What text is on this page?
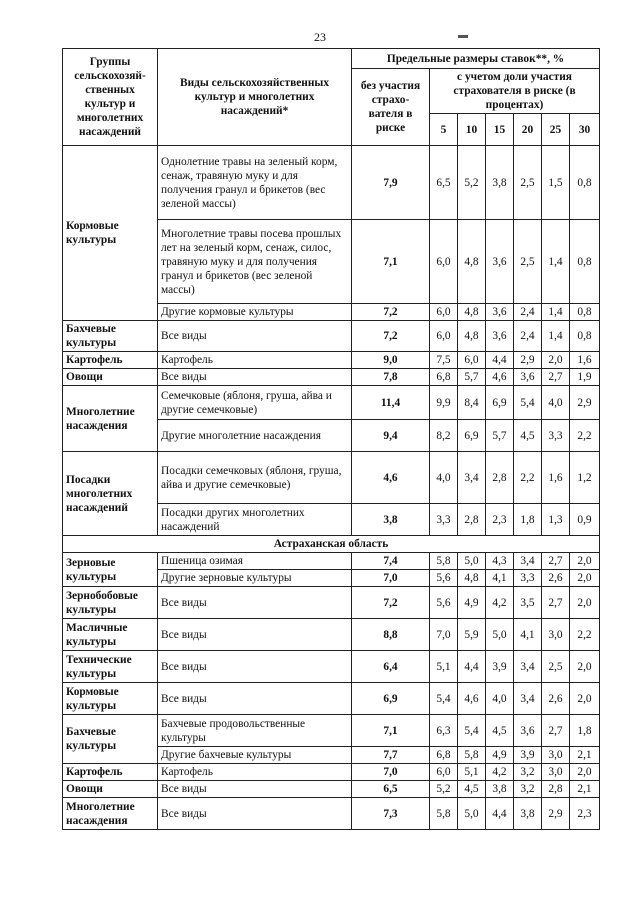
23	▬
Группы сельскохозяй-ственных культур и многолетних насаждений	Виды сельскохозяйственных культур и многолетних насаждений*	Предельные размеры ставок**, %						
		без участия страхо-вателя в риске	с учетом доли участия страхователя в риске (в процентах)					
			5	10	15	20	25	30
Кормовые культуры	Однолетние травы на зеленый корм, сенаж, травяную муку и для получения гранул и брикетов (вес зеленой массы)	7,9	6,5	5,2	3,8	2,5	1,5	0,8
	Многолетние травы посева прошлых лет на зеленый корм, сенаж, силос, травяную муку и для получения гранул и брикетов (вес зеленой массы)	7,1	6,0	4,8	3,6	2,5	1,4	0,8
	Другие кормовые культуры	7,2	6,0	4,8	3,6	2,4	1,4	0,8
Бахчевые культуры	Все виды	7,2	6,0	4,8	3,6	2,4	1,4	0,8
Картофель	Картофель	9,0	7,5	6,0	4,4	2,9	2,0	1,6
Овощи	Все виды	7,8	6,8	5,7	4,6	3,6	2,7	1,9
Многолетние насаждения	Семечковые (яблоня, груша, айва и другие семечковые)	11,4	9,9	8,4	6,9	5,4	4,0	2,9
	Другие многолетние насаждения	9,4	8,2	6,9	5,7	4,5	3,3	2,2
Посадки многолетних насаждений	Посадки семечковых (яблоня, груша, айва и другие семечковые)	4,6	4,0	3,4	2,8	2,2	1,6	1,2
	Посадки других многолетних насаждений	3,8	3,3	2,8	2,3	1,8	1,3	0,9
Астраханская область								
Зерновые культуры	Пшеница озимая	7,4	5,8	5,0	4,3	3,4	2,7	2,0
	Другие зерновые культуры	7,0	5,6	4,8	4,1	3,3	2,6	2,0
Зернобобовые культуры	Все виды	7,2	5,6	4,9	4,2	3,5	2,7	2,0
Масличные культуры	Все виды	8,8	7,0	5,9	5,0	4,1	3,0	2,2
Технические культуры	Все виды	6,4	5,1	4,4	3,9	3,4	2,5	2,0
Кормовые культуры	Все виды	6,9	5,4	4,6	4,0	3,4	2,6	2,0
Бахчевые культуры	Бахчевые продовольственные культуры	7,1	6,3	5,4	4,5	3,6	2,7	1,8
	Другие бахчевые культуры	7,7	6,8	5,8	4,9	3,9	3,0	2,1
Картофель	Картофель	7,0	6,0	5,1	4,2	3,2	3,0	2,0
Овощи	Все виды	6,5	5,2	4,5	3,8	3,2	2,8	2,1
Многолетние насаждения	Все виды	7,3	5,8	5,0	4,4	3,8	2,9	2,3
